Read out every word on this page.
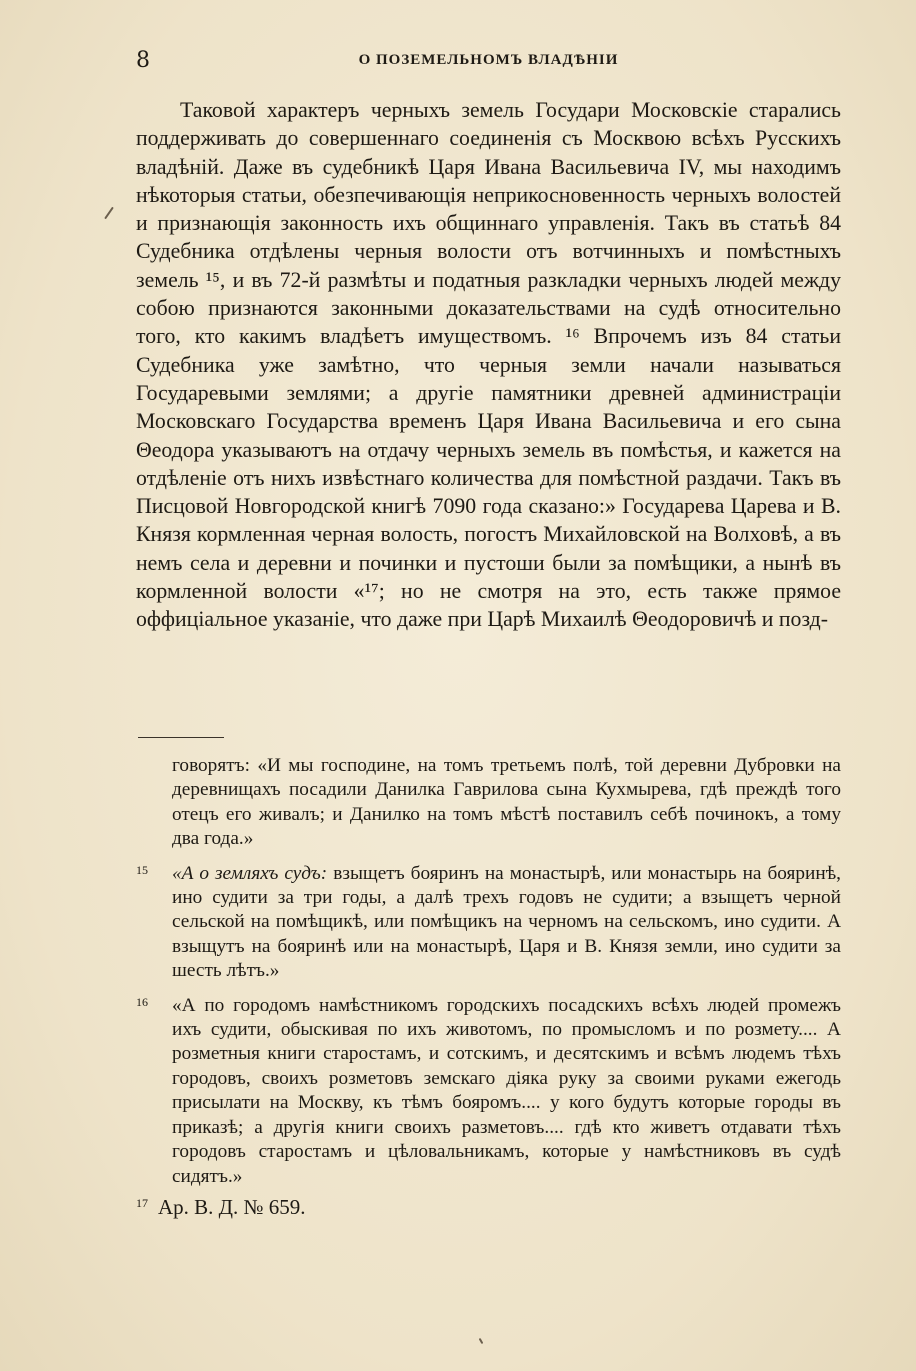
8	О ПОЗЕМЕЛЬНОМЪ ВЛАДѢНІИ

Таковой характеръ черныхъ земель Государи Московскіе старались поддерживать до совершеннаго соединенія съ Москвою всѣхъ Русскихъ владѣній. Даже въ судебникѣ Царя Ивана Васильевича IV, мы находимъ нѣкоторыя статьи, обезпечивающія неприкосновенность черныхъ волостей и признающія законность ихъ общиннаго управленія. Такъ въ статьѣ 84 Судебника отдѣлены черныя волости отъ вотчинныхъ и помѣстныхъ земель ¹⁵, и въ 72-й размѣты и податныя разкладки черныхъ людей между собою признаются законными доказательствами на судѣ относительно того, кто какимъ владѣетъ имуществомъ. ¹⁶ Впрочемъ изъ 84 статьи Судебника уже замѣтно, что черныя земли начали называться Государевыми землями; а другіе памятники древней администраціи Московскаго Государства временъ Царя Ивана Васильевича и его сына Θеодора указываютъ на отдачу черныхъ земель въ помѣстья, и кажется на отдѣленіе отъ нихъ извѣстнаго количества для помѣстной раздачи. Такъ въ Писцовой Новгородской книгѣ 7090 года сказано:» Государева Царева и В. Князя кормленная черная волость, погостъ Михайловской на Волховѣ, а въ немъ села и деревни и починки и пустоши были за помѣщики, а нынѣ въ кормленной волости «¹⁷; но не смотря на это, есть также прямое оффиціальное указаніе, что даже при Царѣ Михаилѣ Θеодоровичѣ и позд-

говорятъ: «И мы господине, на томъ третьемъ полѣ, той деревни Дубровки на деревнищахъ посадили Данилка Гаврилова сына Кухмырева, гдѣ преждѣ того отецъ его живалъ; и Данилко на томъ мѣстѣ поставилъ себѣ починокъ, а тому два года.»

15 «А о земляхъ судъ: взыщетъ бояринъ на монастырѣ, или монастырь на бояринѣ, ино судити за три годы, а далѣ трехъ годовъ не судити; а взыщетъ черной сельской на помѣщикѣ, или помѣщикъ на черномъ на сельскомъ, ино судити. А взыщутъ на бояринѣ или на монастырѣ, Царя и В. Князя земли, ино судити за шесть лѣтъ.»

16 «А по городомъ намѣстникомъ городскихъ посадскихъ всѣхъ людей промежъ ихъ судити, обыскивая по ихъ животомъ, по промысломъ и по розмету.... А розметныя книги старостамъ, и сотскимъ, и десятскимъ и всѣмъ людемъ тѣхъ городовъ, своихъ розметовъ земскаго діяка руку за своими руками ежегодь присылати на Москву, къ тѣмъ бояромъ.... у кого будутъ которые городы въ приказѣ; а другія книги своихъ разметовъ.... гдѣ кто живетъ отдавати тѣхъ городовъ старостамъ и цѣловальникамъ, которые у намѣстниковъ въ судѣ сидятъ.»

17 Ар. В. Д. № 659.
